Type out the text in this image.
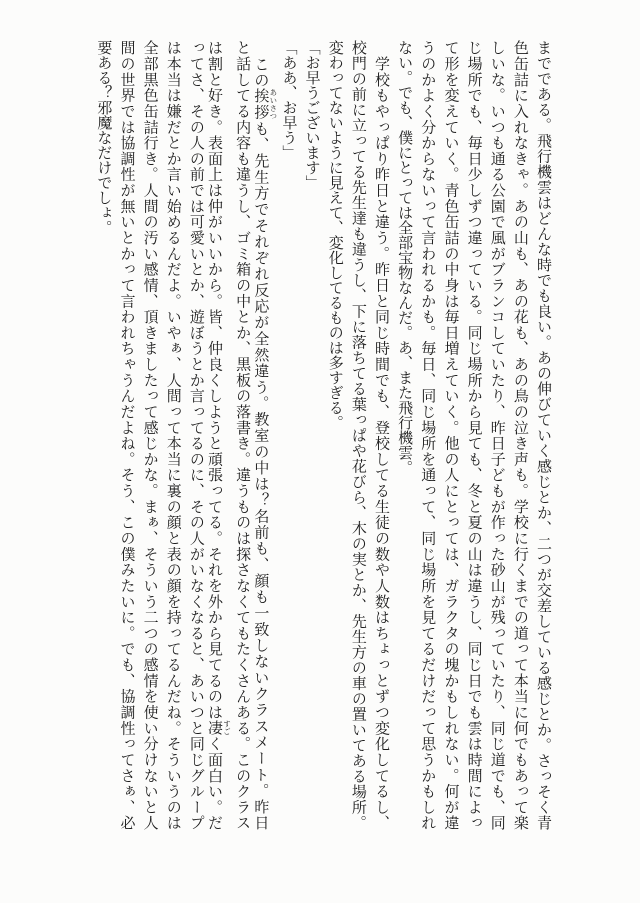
までである。飛行機雲はどんな時でも良い。あの伸びていく感じとか、二つが交差している感じとか。さっそく青
色缶詰に入れなきゃ。あの山も、あの花も、あの鳥の泣き声も。学校に行くまでの道って本当に何でもあって楽
しいな。いつも通る公園で風がブランコしていたり、昨日子どもが作った砂山が残っていたり、同じ道でも、同
じ場所でも、毎日少しずつ違っている。同じ場所から見ても、冬と夏の山は違うし、同じ日でも雲は時間によっ
て形を変えていく。青色缶詰の中身は毎日増えていく。他の人にとっては、ガラクタの塊かもしれない。何が違
うのかよく分からないって言われるかも。毎日、同じ場所を通って、同じ場所を見てるだけだって思うかもしれ
ない。でも、僕にとっては全部宝物なんだ。あ、また飛行機雲。
　学校もやっぱり昨日と違う。昨日と同じ時間でも、登校してる生徒の数や人数はちょっとずつ変化してるし、
校門の前に立ってる先生達も違うし、下に落ちてる葉っぱや花びら、木の実とか、先生方の車の置いてある場所。
変わってないように見えて、変化してるものは多すぎる。
「お早うございます」
「ああ、お早う」
　この挨拶あいさつも、先生方でそれぞれ反応が全然違う。教室の中は？名前も、顔も一致しないクラスメート。昨日
と話してる内容も違うし、ゴミ箱の中とか、黒板の落書き。違うものは探さなくてもたくさんある。このクラス
は割と好き。表面上は仲がいいから。皆、仲良くしようと頑張ってる。それを外から見てるのは凄すごく面白い。だ
ってさ、その人の前では可愛いとか、遊ぼうとか言ってるのに、その人がいなくなると、あいつと同じグループ
は本当は嫌だとか言い始めるんだよ。いやぁ、人間って本当に裏の顔と表の顔を持ってるんだね。そういうのは
全部黒色缶詰行き。人間の汚い感情、頂きましたって感じかな。まぁ、そういう二つの感情を使い分けないと人
間の世界では協調性が無いとかって言われちゃうんだよね。そう、この僕みたいに。でも、協調性ってさぁ、必
要ある？邪魔なだけでしょ。
